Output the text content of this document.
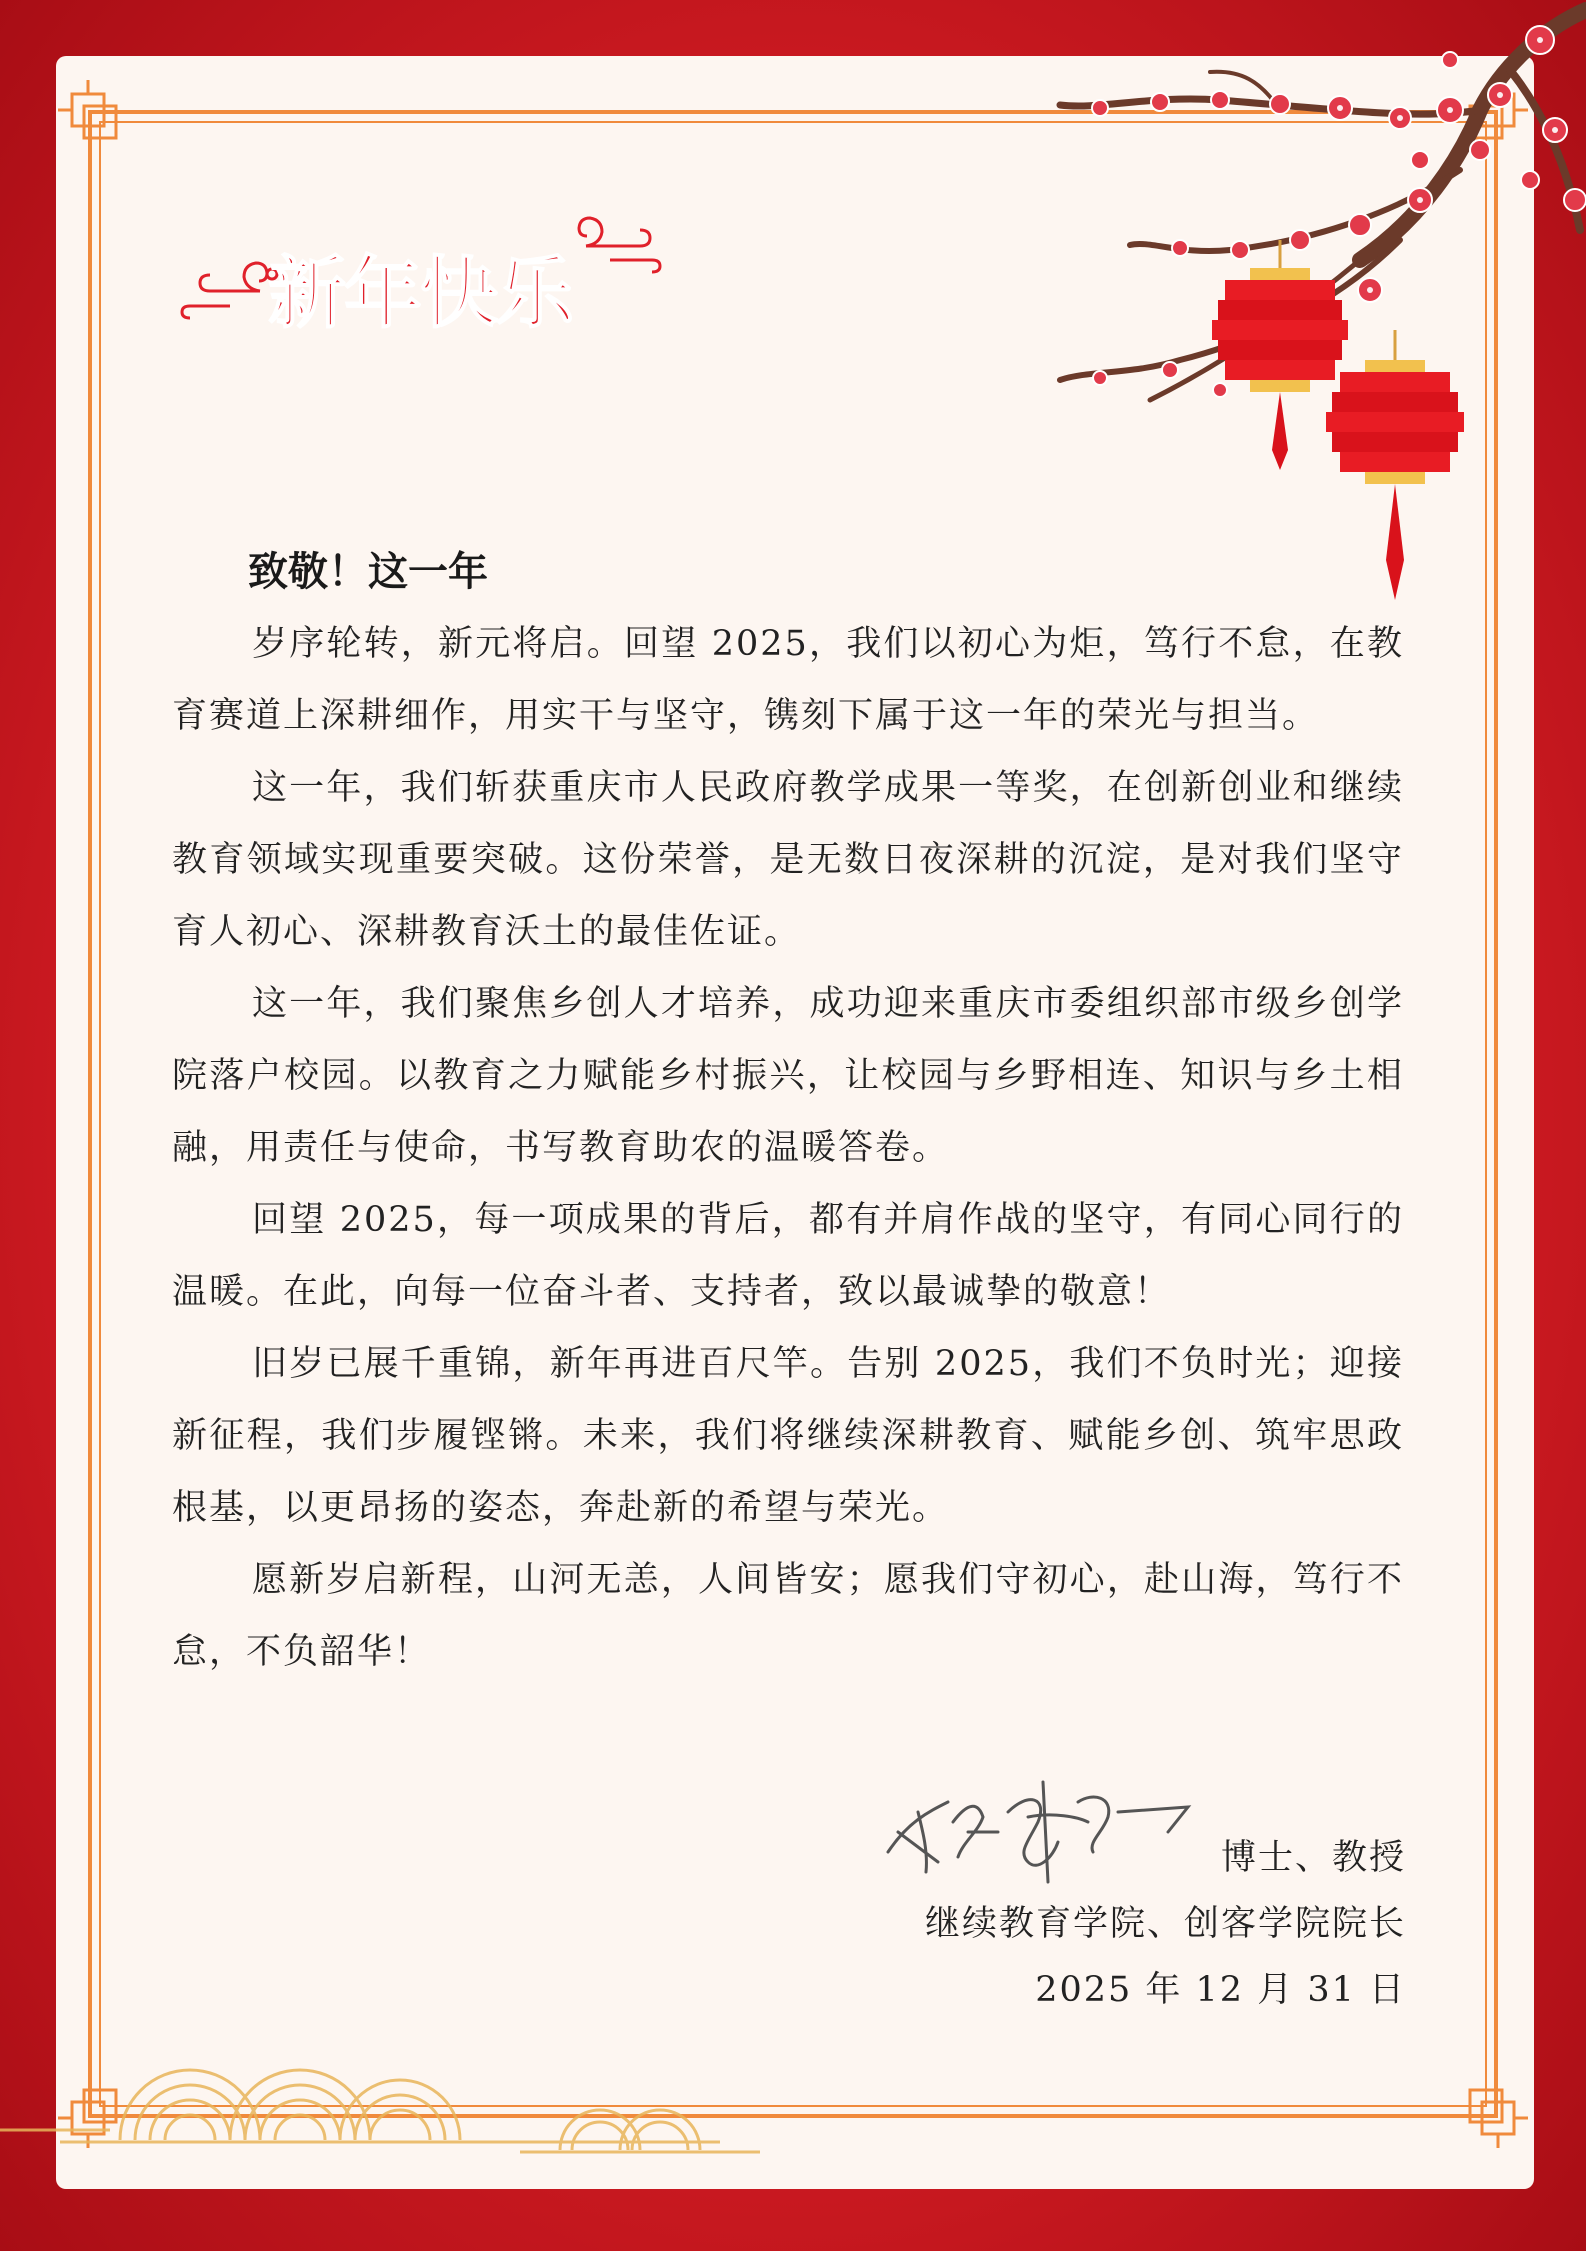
新年快乐
致敬！这一年

岁序轮转，新元将启。回望 2025，我们以初心为炬，笃行不怠，在教育赛道上深耕细作，用实干与坚守，镌刻下属于这一年的荣光与担当。

这一年，我们斩获重庆市人民政府教学成果一等奖，在创新创业和继续教育领域实现重要突破。这份荣誉，是无数日夜深耕的沉淀，是对我们坚守育人初心、深耕教育沃土的最佳佐证。

这一年，我们聚焦乡创人才培养，成功迎来重庆市委组织部市级乡创学院落户校园。以教育之力赋能乡村振兴，让校园与乡野相连、知识与乡土相融，用责任与使命，书写教育助农的温暖答卷。

回望 2025，每一项成果的背后，都有并肩作战的坚守，有同心同行的温暖。在此，向每一位奋斗者、支持者，致以最诚挚的敬意！

旧岁已展千重锦，新年再进百尺竿。告别 2025，我们不负时光；迎接新征程，我们步履铿锵。未来，我们将继续深耕教育、赋能乡创、筑牢思政根基，以更昂扬的姿态，奔赴新的希望与荣光。

愿新岁启新程，山河无恙，人间皆安；愿我们守初心，赴山海，笃行不怠，不负韶华！

博士、教授

继续教育学院、创客学院院长

2025 年 12 月 31 日
